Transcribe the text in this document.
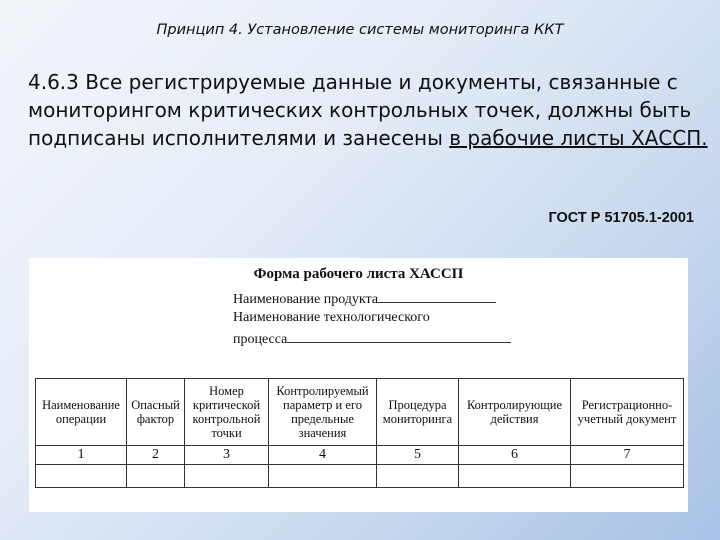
Принцип 4. Установление системы мониторинга ККТ

4.6.3 Все регистрируемые данные и документы, связанные с мониторингом критических контрольных точек, должны быть подписаны исполнителями и занесены в рабочие листы ХАССП.

ГОСТ Р 51705.1-2001
Форма рабочего листа ХАССП
Наименование продукта
Наименование технологического
процесса
Наименование операции	Опасный фактор	Номер критической контрольной точки	Контролируемый параметр и его предельные значения	Процедура мониторинга	Контролирующие действия	Регистрационно-учетный документ
1	2	3	4	5	6	7
